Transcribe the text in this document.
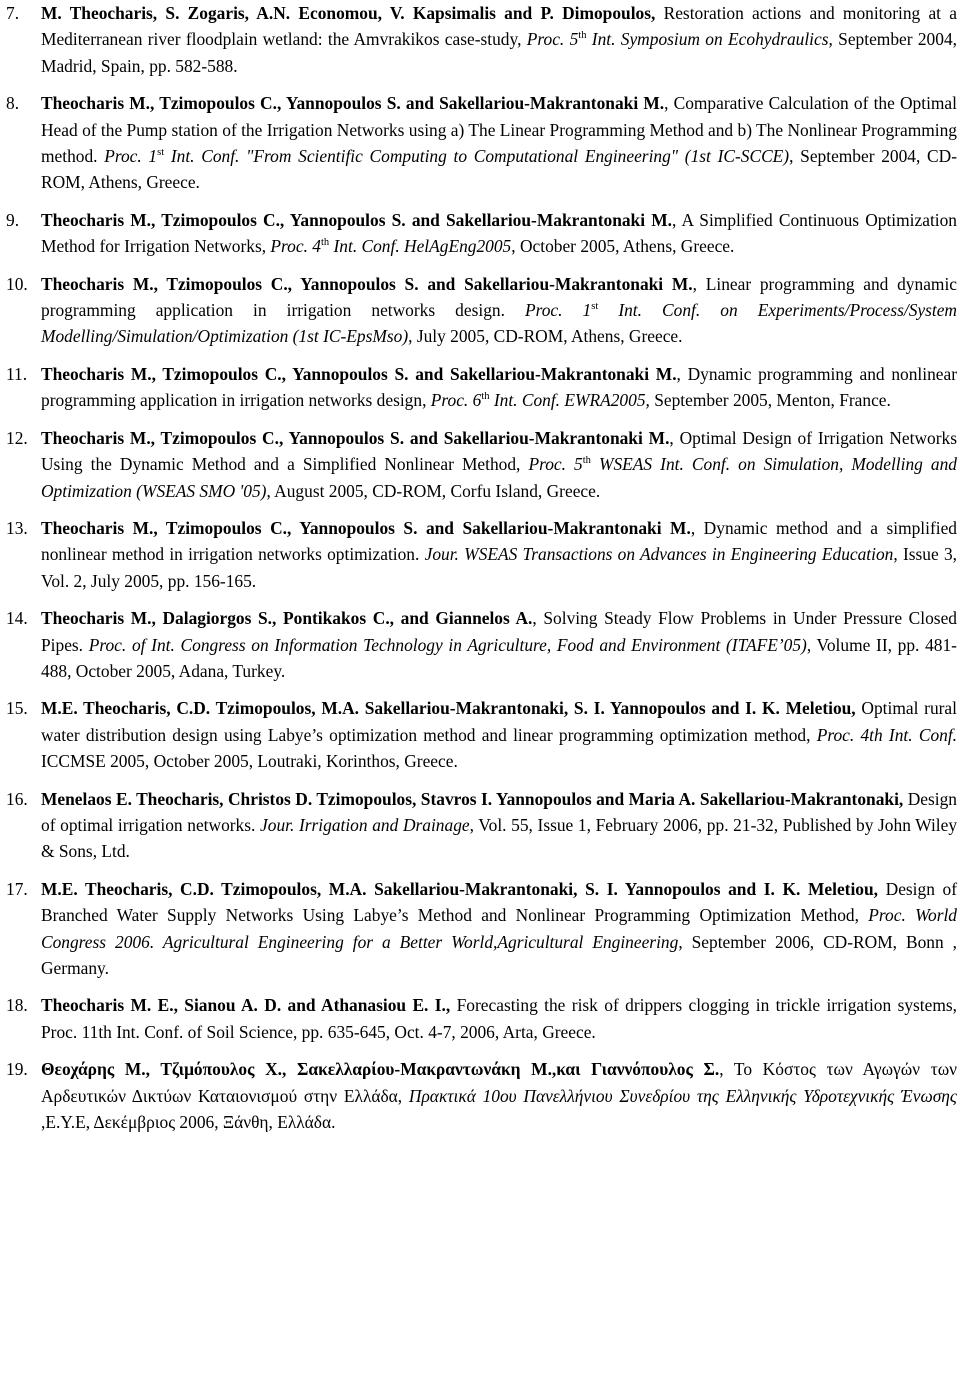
7. M. Theocharis, S. Zogaris, A.N. Economou, V. Kapsimalis and P. Dimopoulos, Restoration actions and monitoring at a Mediterranean river floodplain wetland: the Amvrakikos case-study, Proc. 5th Int. Symposium on Ecohydraulics, September 2004, Madrid, Spain, pp. 582-588.
8. Theocharis M., Tzimopoulos C., Yannopoulos S. and Sakellariou-Makrantonaki M., Comparative Calculation of the Optimal Head of the Pump station of the Irrigation Networks using a) The Linear Programming Method and b) The Nonlinear Programming method. Proc. 1st Int. Conf. "From Scientific Computing to Computational Engineering" (1st IC-SCCE), September 2004, CD-ROM, Athens, Greece.
9. Theocharis M., Tzimopoulos C., Yannopoulos S. and Sakellariou-Makrantonaki M., A Simplified Continuous Optimization Method for Irrigation Networks, Proc. 4th Int. Conf. HelAgEng2005, October 2005, Athens, Greece.
10. Theocharis M., Tzimopoulos C., Yannopoulos S. and Sakellariou-Makrantonaki M., Linear programming and dynamic programming application in irrigation networks design. Proc. 1st Int. Conf. on Experiments/Process/System Modelling/Simulation/Optimization (1st IC-EpsMso), July 2005, CD-ROM, Athens, Greece.
11. Theocharis M., Tzimopoulos C., Yannopoulos S. and Sakellariou-Makrantonaki M., Dynamic programming and nonlinear programming application in irrigation networks design, Proc. 6th Int. Conf. EWRA2005, September 2005, Menton, France.
12. Theocharis M., Tzimopoulos C., Yannopoulos S. and Sakellariou-Makrantonaki M., Optimal Design of Irrigation Networks Using the Dynamic Method and a Simplified Nonlinear Method, Proc. 5th WSEAS Int. Conf. on Simulation, Modelling and Optimization (WSEAS SMO '05), August 2005, CD-ROM, Corfu Island, Greece.
13. Theocharis M., Tzimopoulos C., Yannopoulos S. and Sakellariou-Makrantonaki M., Dynamic method and a simplified nonlinear method in irrigation networks optimization. Jour. WSEAS Transactions on Advances in Engineering Education, Issue 3, Vol. 2, July 2005, pp. 156-165.
14. Theocharis M., Dalagiorgos S., Pontikakos C., and Giannelos A., Solving Steady Flow Problems in Under Pressure Closed Pipes. Proc. of Int. Congress on Information Technology in Agriculture, Food and Environment (ITAFE’05), Volume II, pp. 481-488, October 2005, Adana, Turkey.
15. M.E. Theocharis, C.D. Tzimopoulos, M.A. Sakellariou-Makrantonaki, S. I. Yannopoulos and I. K. Meletiou, Optimal rural water distribution design using Labye’s optimization method and linear programming optimization method, Proc. 4th Int. Conf. ICCMSE 2005, October 2005, Loutraki, Korinthos, Greece.
16. Menelaos E. Theocharis, Christos D. Tzimopoulos, Stavros I. Yannopoulos and Maria A. Sakellariou-Makrantonaki, Design of optimal irrigation networks. Jour. Irrigation and Drainage, Vol. 55, Issue 1, February 2006, pp. 21-32, Published by John Wiley & Sons, Ltd.
17. M.E. Theocharis, C.D. Tzimopoulos, M.A. Sakellariou-Makrantonaki, S. I. Yannopoulos and I. K. Meletiou, Design of Branched Water Supply Networks Using Labye’s Method and Nonlinear Programming Optimization Method, Proc. World Congress 2006. Agricultural Engineering for a Better World,Agricultural Engineering, September 2006, CD-ROM, Bonn , Germany.
18. Theocharis M. E., Sianou A. D. and Athanasiou E. I., Forecasting the risk of drippers clogging in trickle irrigation systems, Proc. 11th Int. Conf. of Soil Science, pp. 635-645, Oct. 4-7, 2006, Arta, Greece.
19. Θεοχάρης Μ., Τζιμόπουλος Χ., Σακελλαρίου-Μακραντωνάκη Μ.,και Γιαννόπουλος Σ., Το Κόστος των Αγωγών των Αρδευτικών Δικτύων Καταιονισμού στην Ελλάδα, Πρακτικά 10ου Πανελλήνιου Συνεδρίου της Ελληνικής Υδροτεχνικής Ένωσης ,Ε.Υ.Ε, Δεκέμβριος 2006, Ξάνθη, Ελλάδα.
